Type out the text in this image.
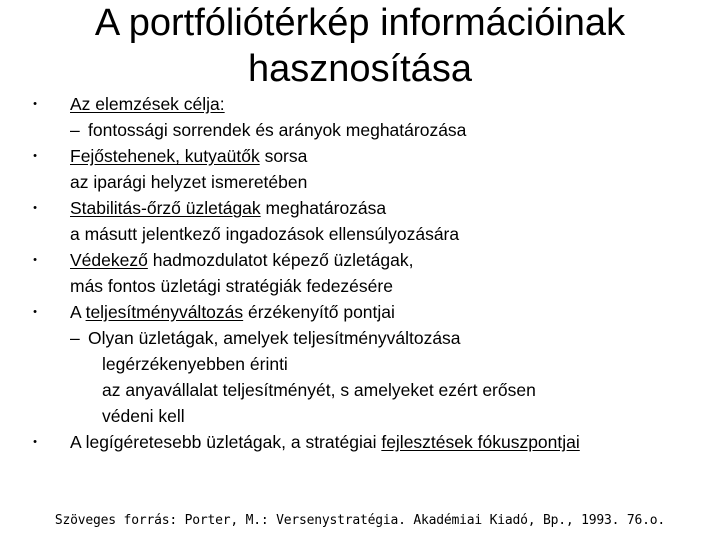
A portfóliótérkép információinak
hasznosítása
• Az elemzések célja:
– fontossági sorrendek és arányok meghatározása
• Fejőstehenek, kutyaütők sorsa
az iparági helyzet ismeretében
• Stabilitás-őrző üzletágak meghatározása
a másutt jelentkező ingadozások ellensúlyozására
• Védekező hadmozdulatot képező üzletágak,
más fontos üzletági stratégiák fedezésére
• A teljesítményváltozás érzékenyítő pontjai
– Olyan üzletágak, amelyek teljesítményváltozása
legérzékenyebben érinti
az anyavállalat teljesítményét, s amelyeket ezért erősen
védeni kell
• A legígéretesebb üzletágak, a stratégiai fejlesztések fókuszpontjai
Szöveges forrás: Porter, M.: Versenystratégia. Akadémiai Kiadó, Bp., 1993. 76.o.
